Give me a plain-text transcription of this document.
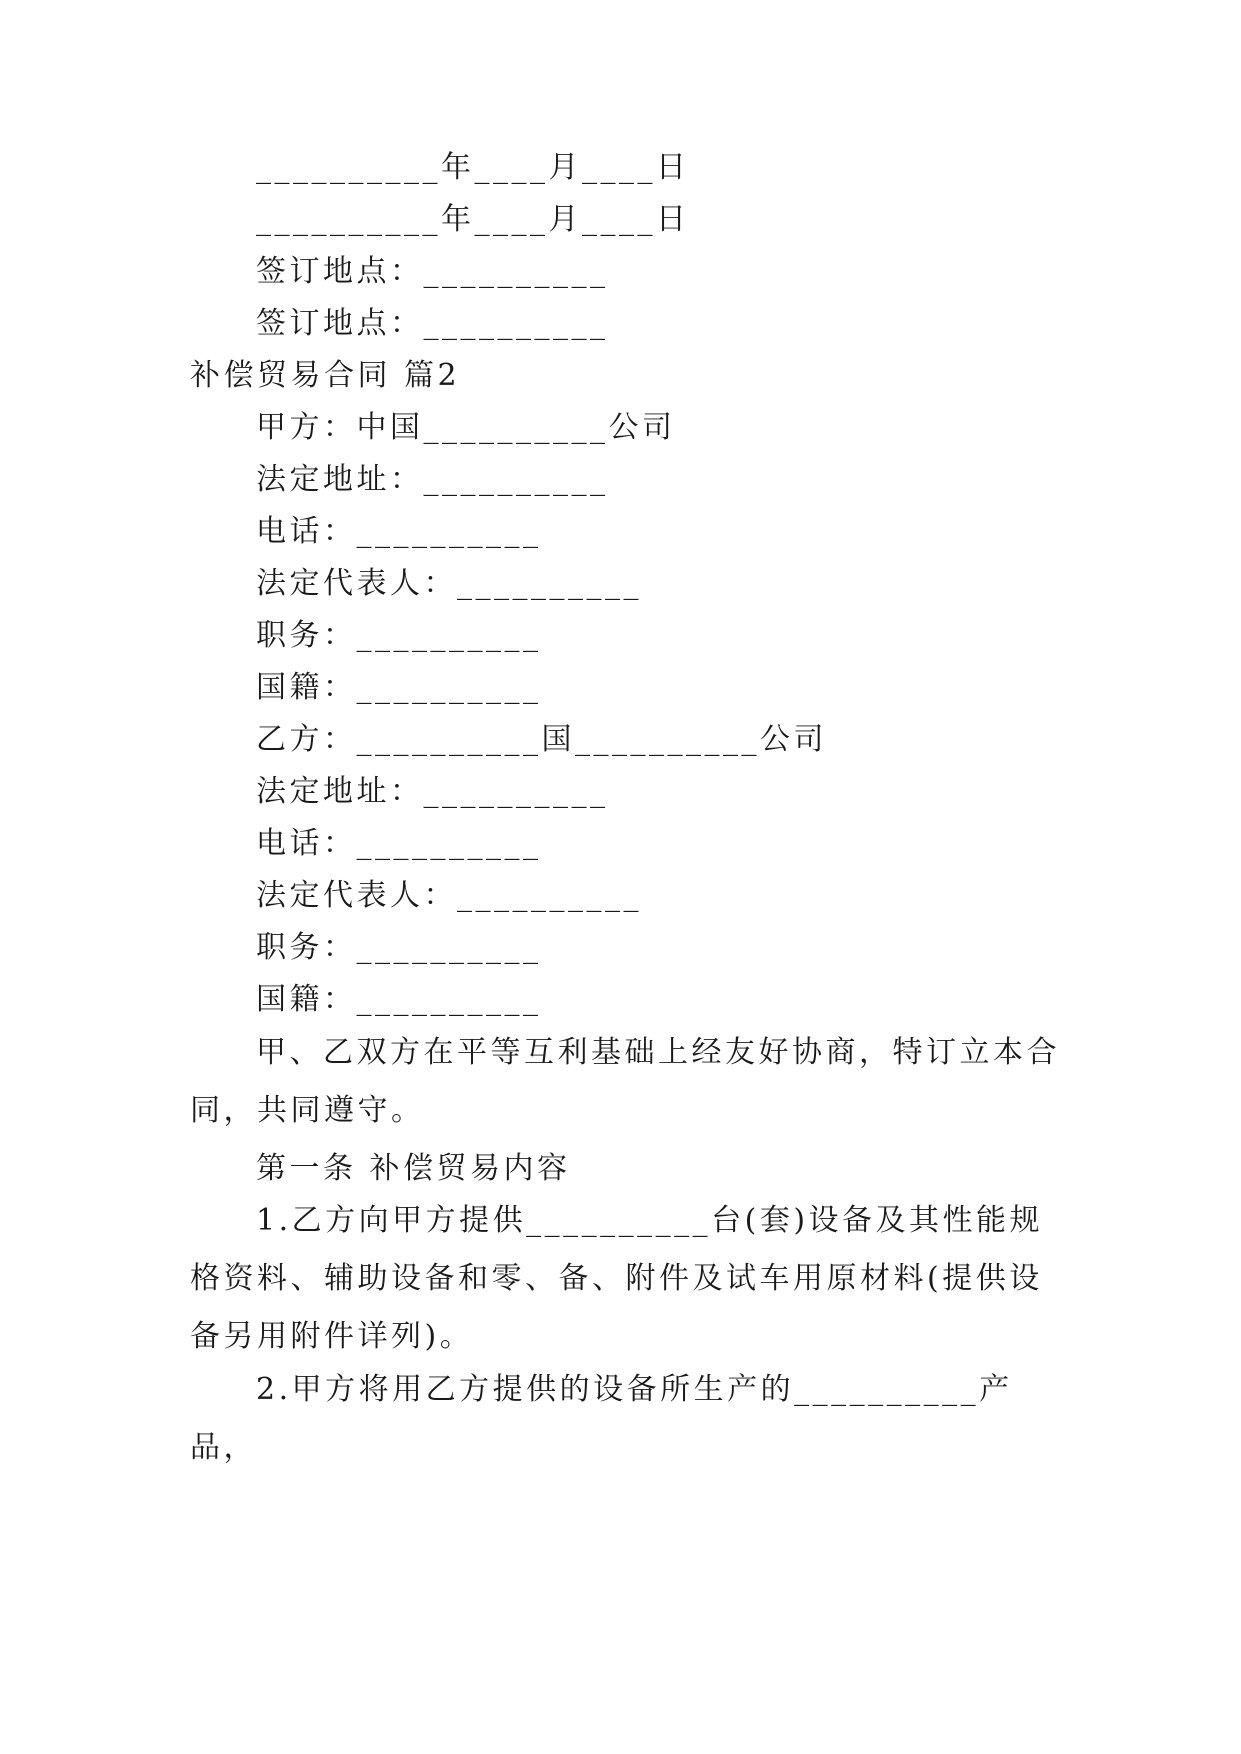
__________年____月____日
__________年____月____日
签订地点：__________
签订地点：__________
补偿贸易合同 篇2
甲方：中国__________公司
法定地址：__________
电话：__________
法定代表人：__________
职务：__________
国籍：__________
乙方：__________国__________公司
法定地址：__________
电话：__________
法定代表人：__________
职务：__________
国籍：__________
甲、乙双方在平等互利基础上经友好协商，特订立本合同，共同遵守。
第一条 补偿贸易内容
1.乙方向甲方提供__________台(套)设备及其性能规格资料、辅助设备和零、备、附件及试车用原材料(提供设备另用附件详列)。
2.甲方将用乙方提供的设备所生产的__________产品，
